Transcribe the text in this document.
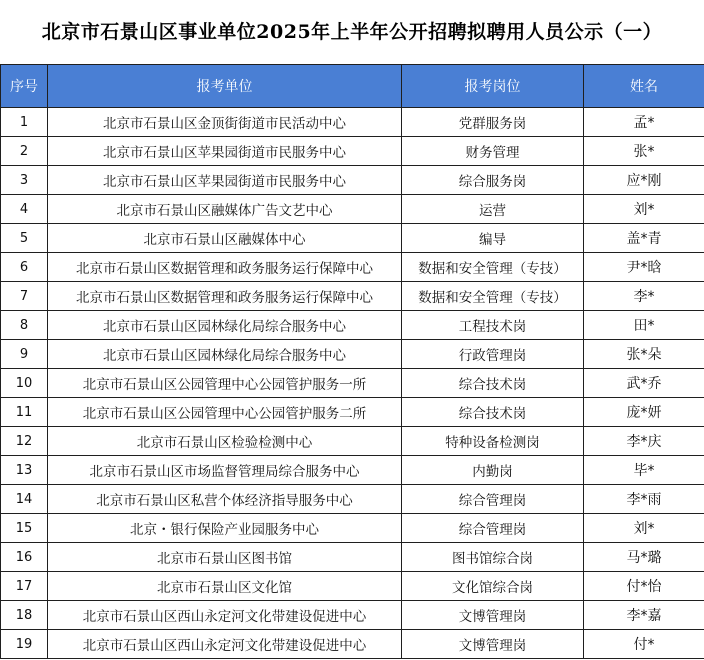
北京市石景山区事业单位2025年上半年公开招聘拟聘用人员公示（一）
序号	报考单位	报考岗位	姓名
1	北京市石景山区金顶街街道市民活动中心	党群服务岗	孟*
2	北京市石景山区苹果园街道市民服务中心	财务管理	张*
3	北京市石景山区苹果园街道市民服务中心	综合服务岗	应*刚
4	北京市石景山区融媒体广告文艺中心	运营	刘*
5	北京市石景山区融媒体中心	编导	盖*青
6	北京市石景山区数据管理和政务服务运行保障中心	数据和安全管理（专技）	尹*晗
7	北京市石景山区数据管理和政务服务运行保障中心	数据和安全管理（专技）	李*
8	北京市石景山区园林绿化局综合服务中心	工程技术岗	田*
9	北京市石景山区园林绿化局综合服务中心	行政管理岗	张*朵
10	北京市石景山区公园管理中心公园管护服务一所	综合技术岗	武*乔
11	北京市石景山区公园管理中心公园管护服务二所	综合技术岗	庞*妍
12	北京市石景山区检验检测中心	特种设备检测岗	李*庆
13	北京市石景山区市场监督管理局综合服务中心	内勤岗	毕*
14	北京市石景山区私营个体经济指导服务中心	综合管理岗	李*雨
15	北京・银行保险产业园服务中心	综合管理岗	刘*
16	北京市石景山区图书馆	图书馆综合岗	马*璐
17	北京市石景山区文化馆	文化馆综合岗	付*怡
18	北京市石景山区西山永定河文化带建设促进中心	文博管理岗	李*嘉
19	北京市石景山区西山永定河文化带建设促进中心	文博管理岗	付*
